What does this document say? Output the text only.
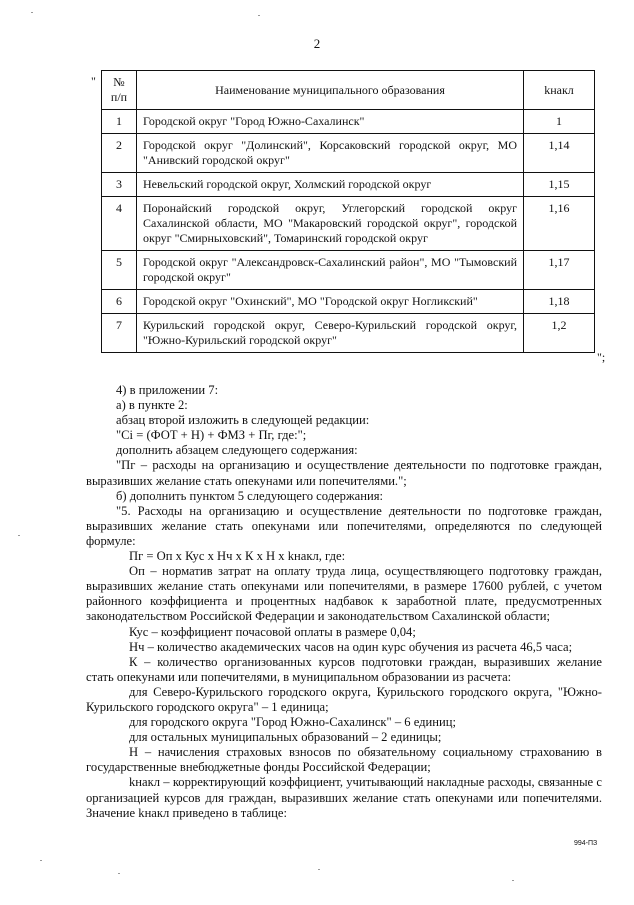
2
" № п/п	Наименование муниципального образования	kнакл
1	Городской округ "Город Южно-Сахалинск"	1
2	Городской округ "Долинский", Корсаковский городской округ, МО "Анивский городской округ"	1,14
3	Невельский городской округ, Холмский городской округ	1,15
4	Поронайский городской округ, Углегорский городской округ Сахалинской области, МО "Макаровский городской округ", городской округ "Смирныховский", Томаринский городской округ	1,16
5	Городской округ "Александровск-Сахалинский район", МО "Тымовский городской округ"	1,17
6	Городской округ "Охинский", МО "Городской округ Ногликский"	1,18
7	Курильский городской округ, Северо-Курильский городской округ, "Южно-Курильский городской округ"	1,2
";

4) в приложении 7:

а) в пункте 2:

абзац второй изложить в следующей редакции:

"Сi = (ФОТ + Н) + ФМЗ + Пг, где:";

дополнить абзацем следующего содержания:

"Пг – расходы на организацию и осуществление деятельности по подготовке граждан, выразивших желание стать опекунами или попечителями.";

б) дополнить пунктом 5 следующего содержания:

"5. Расходы на организацию и осуществление деятельности по подготовке граждан, выразивших желание стать опекунами или попечителями, определяются по следующей формуле:

Пг = Оп х Кус х Нч х К х Н х kнакл, где:

Оп – норматив затрат на оплату труда лица, осуществляющего подготовку граждан, выразивших желание стать опекунами или попечителями, в размере 17600 рублей, с учетом районного коэффициента и процентных надбавок к заработной плате, предусмотренных законодательством Российской Федерации и законодательством Сахалинской области;

Кус – коэффициент почасовой оплаты в размере 0,04;

Нч – количество академических часов на один курс обучения из расчета 46,5 часа;

К – количество организованных курсов подготовки граждан, выразивших желание стать опекунами или попечителями, в муниципальном образовании из расчета:

для Северо-Курильского городского округа, Курильского городского округа, "Южно-Курильского городского округа" – 1 единица;

для городского округа "Город Южно-Сахалинск" – 6 единиц;

для остальных муниципальных образований – 2 единицы;

Н – начисления страховых взносов по обязательному социальному страхованию в государственные внебюджетные фонды Российской Федерации;

kнакл – корректирующий коэффициент, учитывающий накладные расходы, связанные с организацией курсов для граждан, выразивших желание стать опекунами или попечителями. Значение kнакл приведено в таблице:

994-ПЗ
